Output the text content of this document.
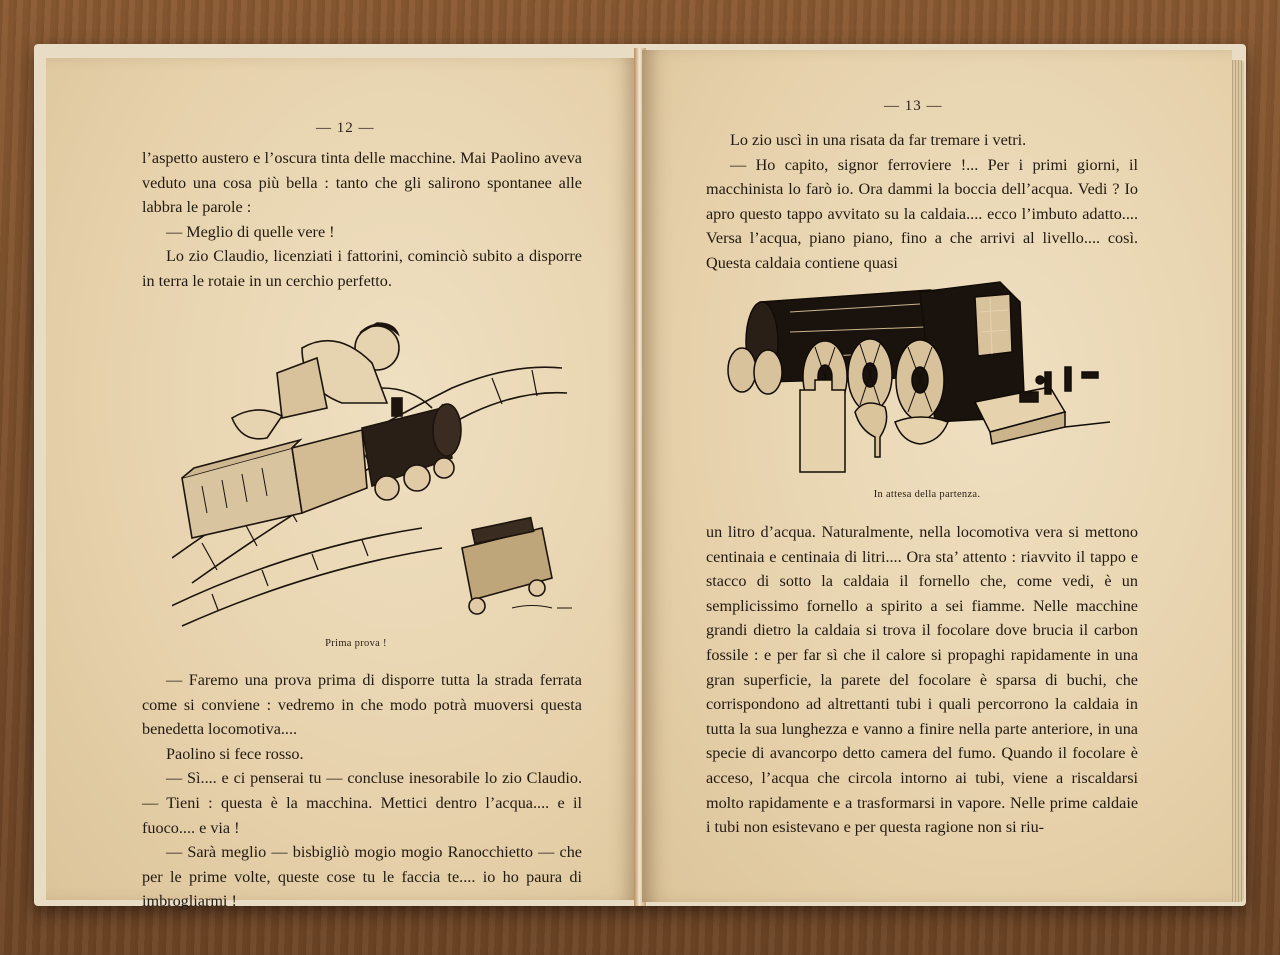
— 12 —

l’aspetto austero e l’oscura tinta delle macchine. Mai Paolino aveva veduto una cosa più bella : tanto che gli salirono spontanee alle labbra le parole :

— Meglio di quelle vere !

Lo zio Claudio, licenziati i fattorini, cominciò subito a disporre in terra le rotaie in un cerchio perfetto.

Prima prova !

— Faremo una prova prima di disporre tutta la strada ferrata come si conviene : vedremo in che modo potrà muoversi questa benedetta locomotiva....

Paolino si fece rosso.

— Sì.... e ci penserai tu — concluse inesorabile lo zio Claudio. — Tieni : questa è la macchina. Mettici dentro l’acqua.... e il fuoco.... e via !

— Sarà meglio — bisbigliò mogio mogio Ranocchietto — che per le prime volte, queste cose tu le faccia te.... io ho paura di imbrogliarmi !

— 13 —

Lo zio uscì in una risata da far tremare i vetri.

— Ho capito, signor ferroviere !... Per i primi giorni, il macchinista lo farò io. Ora dammi la boccia dell’acqua. Vedi ? Io apro questo tappo avvitato su la caldaia.... ecco l’imbuto adatto.... Versa l’acqua, piano piano, fino a che arrivi al livello.... così. Questa caldaia contiene quasi

In attesa della partenza.

un litro d’acqua. Naturalmente, nella locomotiva vera si mettono centinaia e centinaia di litri.... Ora sta’ attento : riavvito il tappo e stacco di sotto la caldaia il fornello che, come vedi, è un semplicissimo fornello a spirito a sei fiamme. Nelle macchine grandi dietro la caldaia si trova il focolare dove brucia il carbon fossile : e per far sì che il calore si propaghi rapidamente in una gran superficie, la parete del focolare è sparsa di buchi, che corrispondono ad altrettanti tubi i quali percorrono la caldaia in tutta la sua lunghezza e vanno a finire nella parte anteriore, in una specie di avancorpo detto camera del fumo. Quando il focolare è acceso, l’acqua che circola intorno ai tubi, viene a riscaldarsi molto rapidamente e a trasformarsi in vapore. Nelle prime caldaie i tubi non esistevano e per questa ragione non si riu-
